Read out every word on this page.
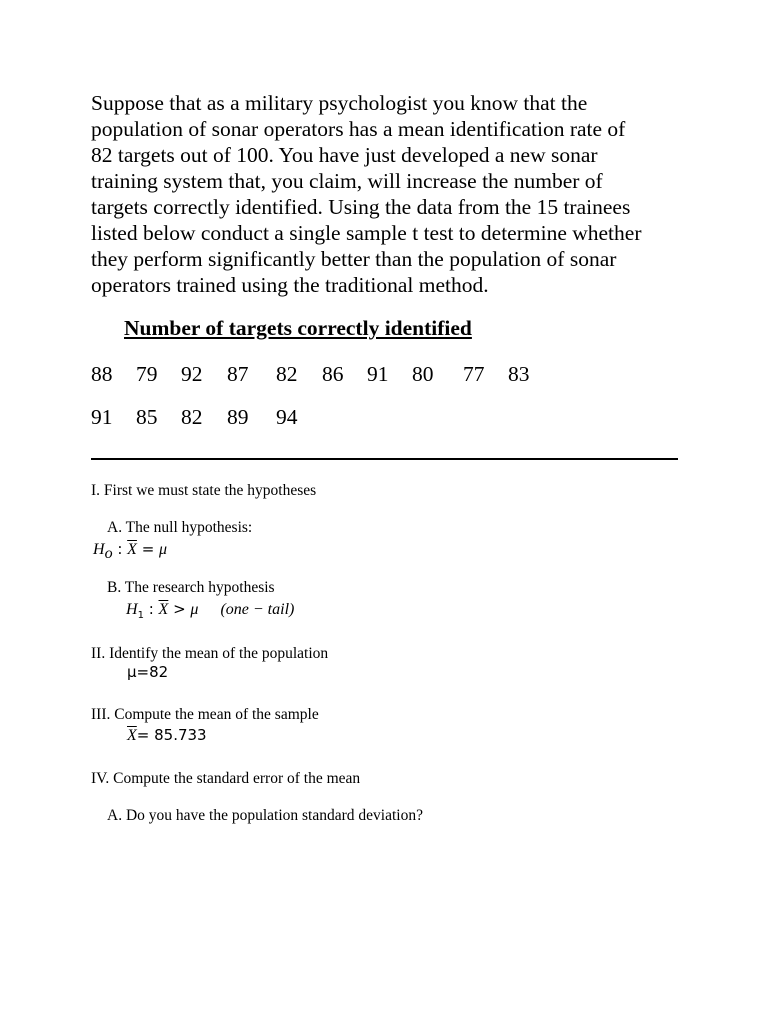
Suppose that as a military psychologist you know that the
population of sonar operators has a mean identification rate of
82 targets out of 100. You have just developed a new sonar
training system that, you claim, will increase the number of
targets correctly identified. Using the data from the 15 trainees
listed below conduct a single sample t test to determine whether
they perform significantly better than the population of sonar
operators trained using the traditional method.
Number of targets correctly identified
88 79 92 87 82 86 91 80 77 83
91 85 82 89 94
I. First we must state the hypotheses
A. The null hypothesis:
$H_o$ : $\overline{X} = \mu$
B. The research hypothesis
$H_1$ : $\overline{X} > \mu$ (one − tail)
II. Identify the mean of the population
μ=82
III. Compute the mean of the sample
$\overline{X}= 85.733$
IV. Compute the standard error of the mean
A. Do you have the population standard deviation?
